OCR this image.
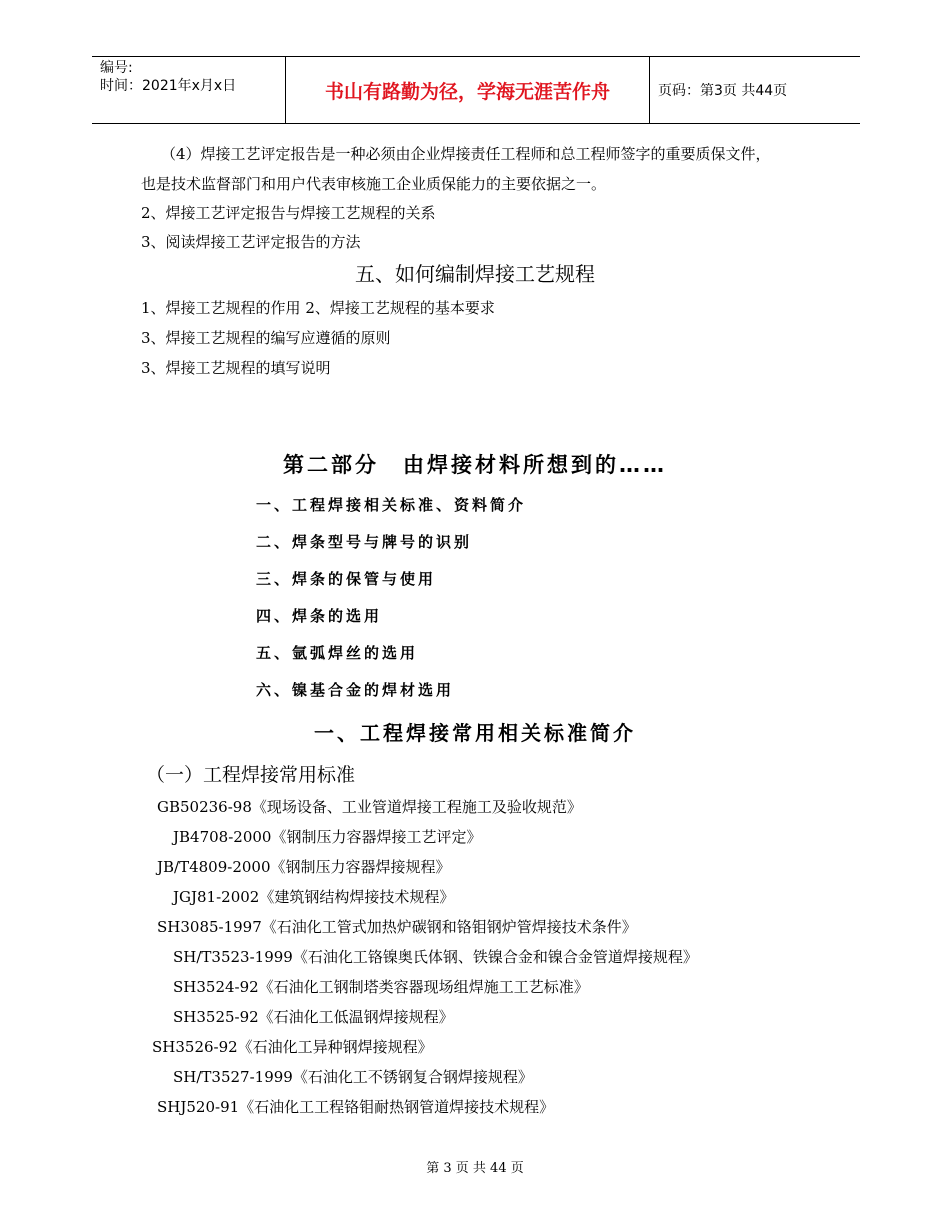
编号:
时间：2021年x月x日	书山有路勤为径，学海无涯苦作舟	页码：第3页 共44页
（4）焊接工艺评定报告是一种必须由企业焊接责任工程师和总工程师签字的重要质保文件，
也是技术监督部门和用户代表审核施工企业质保能力的主要依据之一。
2、焊接工艺评定报告与焊接工艺规程的关系
3、阅读焊接工艺评定报告的方法
五、如何编制焊接工艺规程
1、焊接工艺规程的作用 2、焊接工艺规程的基本要求
3、焊接工艺规程的编写应遵循的原则
3、焊接工艺规程的填写说明
第二部分　由焊接材料所想到的……
一、工程焊接相关标准、资料简介
二、焊条型号与牌号的识别
三、焊条的保管与使用
四、焊条的选用
五、氩弧焊丝的选用
六、镍基合金的焊材选用
一、工程焊接常用相关标准简介
（一）工程焊接常用标准
GB50236-98《现场设备、工业管道焊接工程施工及验收规范》
JB4708-2000《钢制压力容器焊接工艺评定》
JB/T4809-2000《钢制压力容器焊接规程》
JGJ81-2002《建筑钢结构焊接技术规程》
SH3085-1997《石油化工管式加热炉碳钢和铬钼钢炉管焊接技术条件》
SH/T3523-1999《石油化工铬镍奥氏体钢、铁镍合金和镍合金管道焊接规程》
SH3524-92《石油化工钢制塔类容器现场组焊施工工艺标准》
SH3525-92《石油化工低温钢焊接规程》
SH3526-92《石油化工异种钢焊接规程》
SH/T3527-1999《石油化工不锈钢复合钢焊接规程》
SHJ520-91《石油化工工程铬钼耐热钢管道焊接技术规程》
第 3 页 共 44 页
